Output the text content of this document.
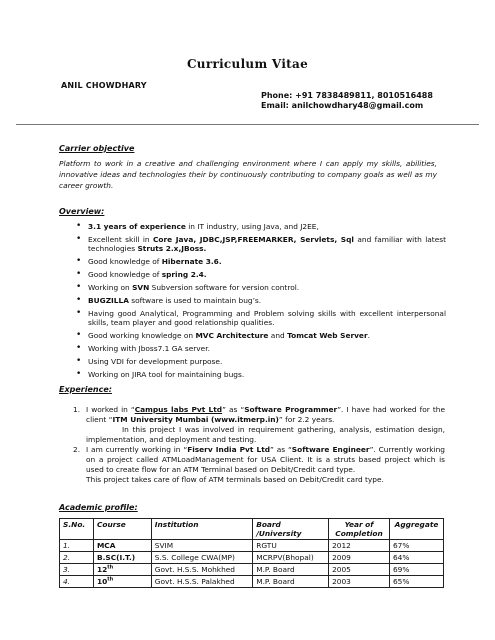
Curriculum Vitae
ANIL CHOWDHARY
Phone: +91 7838489811, 8010516488
Email: anilchowdhary48@gmail.com
Carrier objective
Platform to work in a creative and challenging environment where I can apply my skills, abilities, innovative ideas and technologies their by continuously contributing to company goals as well as my career growth.
Overview:
• 3.1 years of experience in IT industry, using Java, and J2EE,
• Excellent skill in Core Java, JDBC,JSP,FREEMARKER, Servlets, Sql and familiar with latest technologies Struts 2.x,JBoss.
• Good knowledge of Hibernate 3.6.
• Good knowledge of spring 2.4.
• Working on SVN Subversion software for version control.
• BUGZILLA software is used to maintain bug’s.
• Having good Analytical, Programming and Problem solving skills with excellent interpersonal skills, team player and good relationship qualities.
• Good working knowledge on MVC Architecture and Tomcat Web Server.
• Working with Jboss7.1 GA server.
• Using VDI for development purpose.
• Working on JIRA tool for maintaining bugs.
Experience:
1. I worked in “Campus labs Pvt Ltd” as “Software Programmer”. I have had worked for the client “ITM University Mumbai (www.itmerp.in)” for 2.2 years.
In this project I was involved in requirement gathering, analysis, estimation design, implementation, and deployment and testing.
2. I am currently working in “Fiserv India Pvt Ltd” as “Software Engineer”. Currently working on a project called ATMLoadManagement for USA Client. It is a struts based project which is used to create flow for an ATM Terminal based on Debit/Credit card type.
This project takes care of flow of ATM terminals based on Debit/Credit card type.
Academic profile:
S.No.	Course	Institution	Board /University	Year of Completion	Aggregate
1.	MCA	SVIM	RGTU	2012	67%
2.	B.SC(I.T.)	S.S. College CWA(MP)	MCRPV(Bhopal)	2009	64%
3.	12th	Govt. H.S.S. Mohkhed	M.P. Board	2005	69%
4.	10th	Govt. H.S.S. Palakhed	M.P. Board	2003	65%
